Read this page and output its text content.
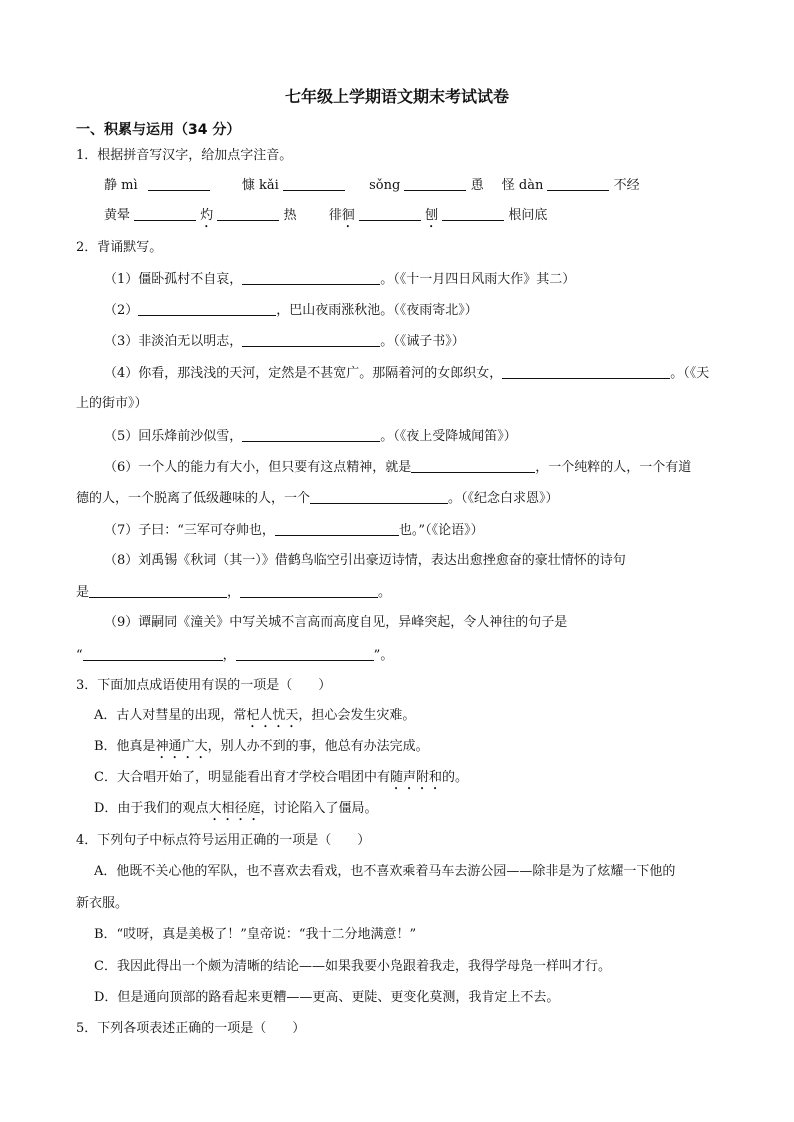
七年级上学期语文期末考试试卷
一、积累与运用（34 分）
1．根据拼音写汉字，给加点字注音。
静 mì	慷 kǎi	sǒng	恿 怪 dàn	不经
黄晕	灼	热 徘徊	刨	根问底
2．背诵默写。
（1）僵卧孤村不自哀，	。（《十一月四日风雨大作》其二）
（2）	，巴山夜雨涨秋池。（《夜雨寄北》）
（3）非淡泊无以明志，	。（《诫子书》）
（4）你看，那浅浅的天河，定然是不甚宽广。那隔着河的女郎织女，	。（《天
上的街市》）
（5）回乐烽前沙似雪，	。（《夜上受降城闻笛》）
（6）一个人的能力有大小，但只要有这点精神，就是	，一个纯粹的人，一个有道
德的人，一个脱离了低级趣味的人，一个	。（《纪念白求恩》）
（7）子曰：“三军可夺帅也，	也。”（《论语》）
（8）刘禹锡《秋词（其一）》借鹤鸟临空引出豪迈诗情，表达出愈挫愈奋的豪壮情怀的诗句
是	，	。
（9）谭嗣同《潼关》中写关城不言高而高度自见，异峰突起，令人神往的句子是
“	，	”。
3．下面加点成语使用有误的一项是（　　）
A．古人对彗星的出现，常杞人忧天，担心会发生灾难。
B．他真是神通广大，别人办不到的事，他总有办法完成。
C．大合唱开始了，明显能看出育才学校合唱团中有随声附和的。
D．由于我们的观点大相径庭，讨论陷入了僵局。
4．下列句子中标点符号运用正确的一项是（　　）
A．他既不关心他的军队，也不喜欢去看戏，也不喜欢乘着马车去游公园——除非是为了炫耀一下他的
新衣服。
B．“哎呀，真是美极了！”皇帝说：“我十二分地满意！”
C．我因此得出一个颇为清晰的结论——如果我要小凫跟着我走，我得学母凫一样叫才行。
D．但是通向顶部的路看起来更糟——更高、更陡、更变化莫测，我肯定上不去。
5．下列各项表述正确的一项是（　　）
